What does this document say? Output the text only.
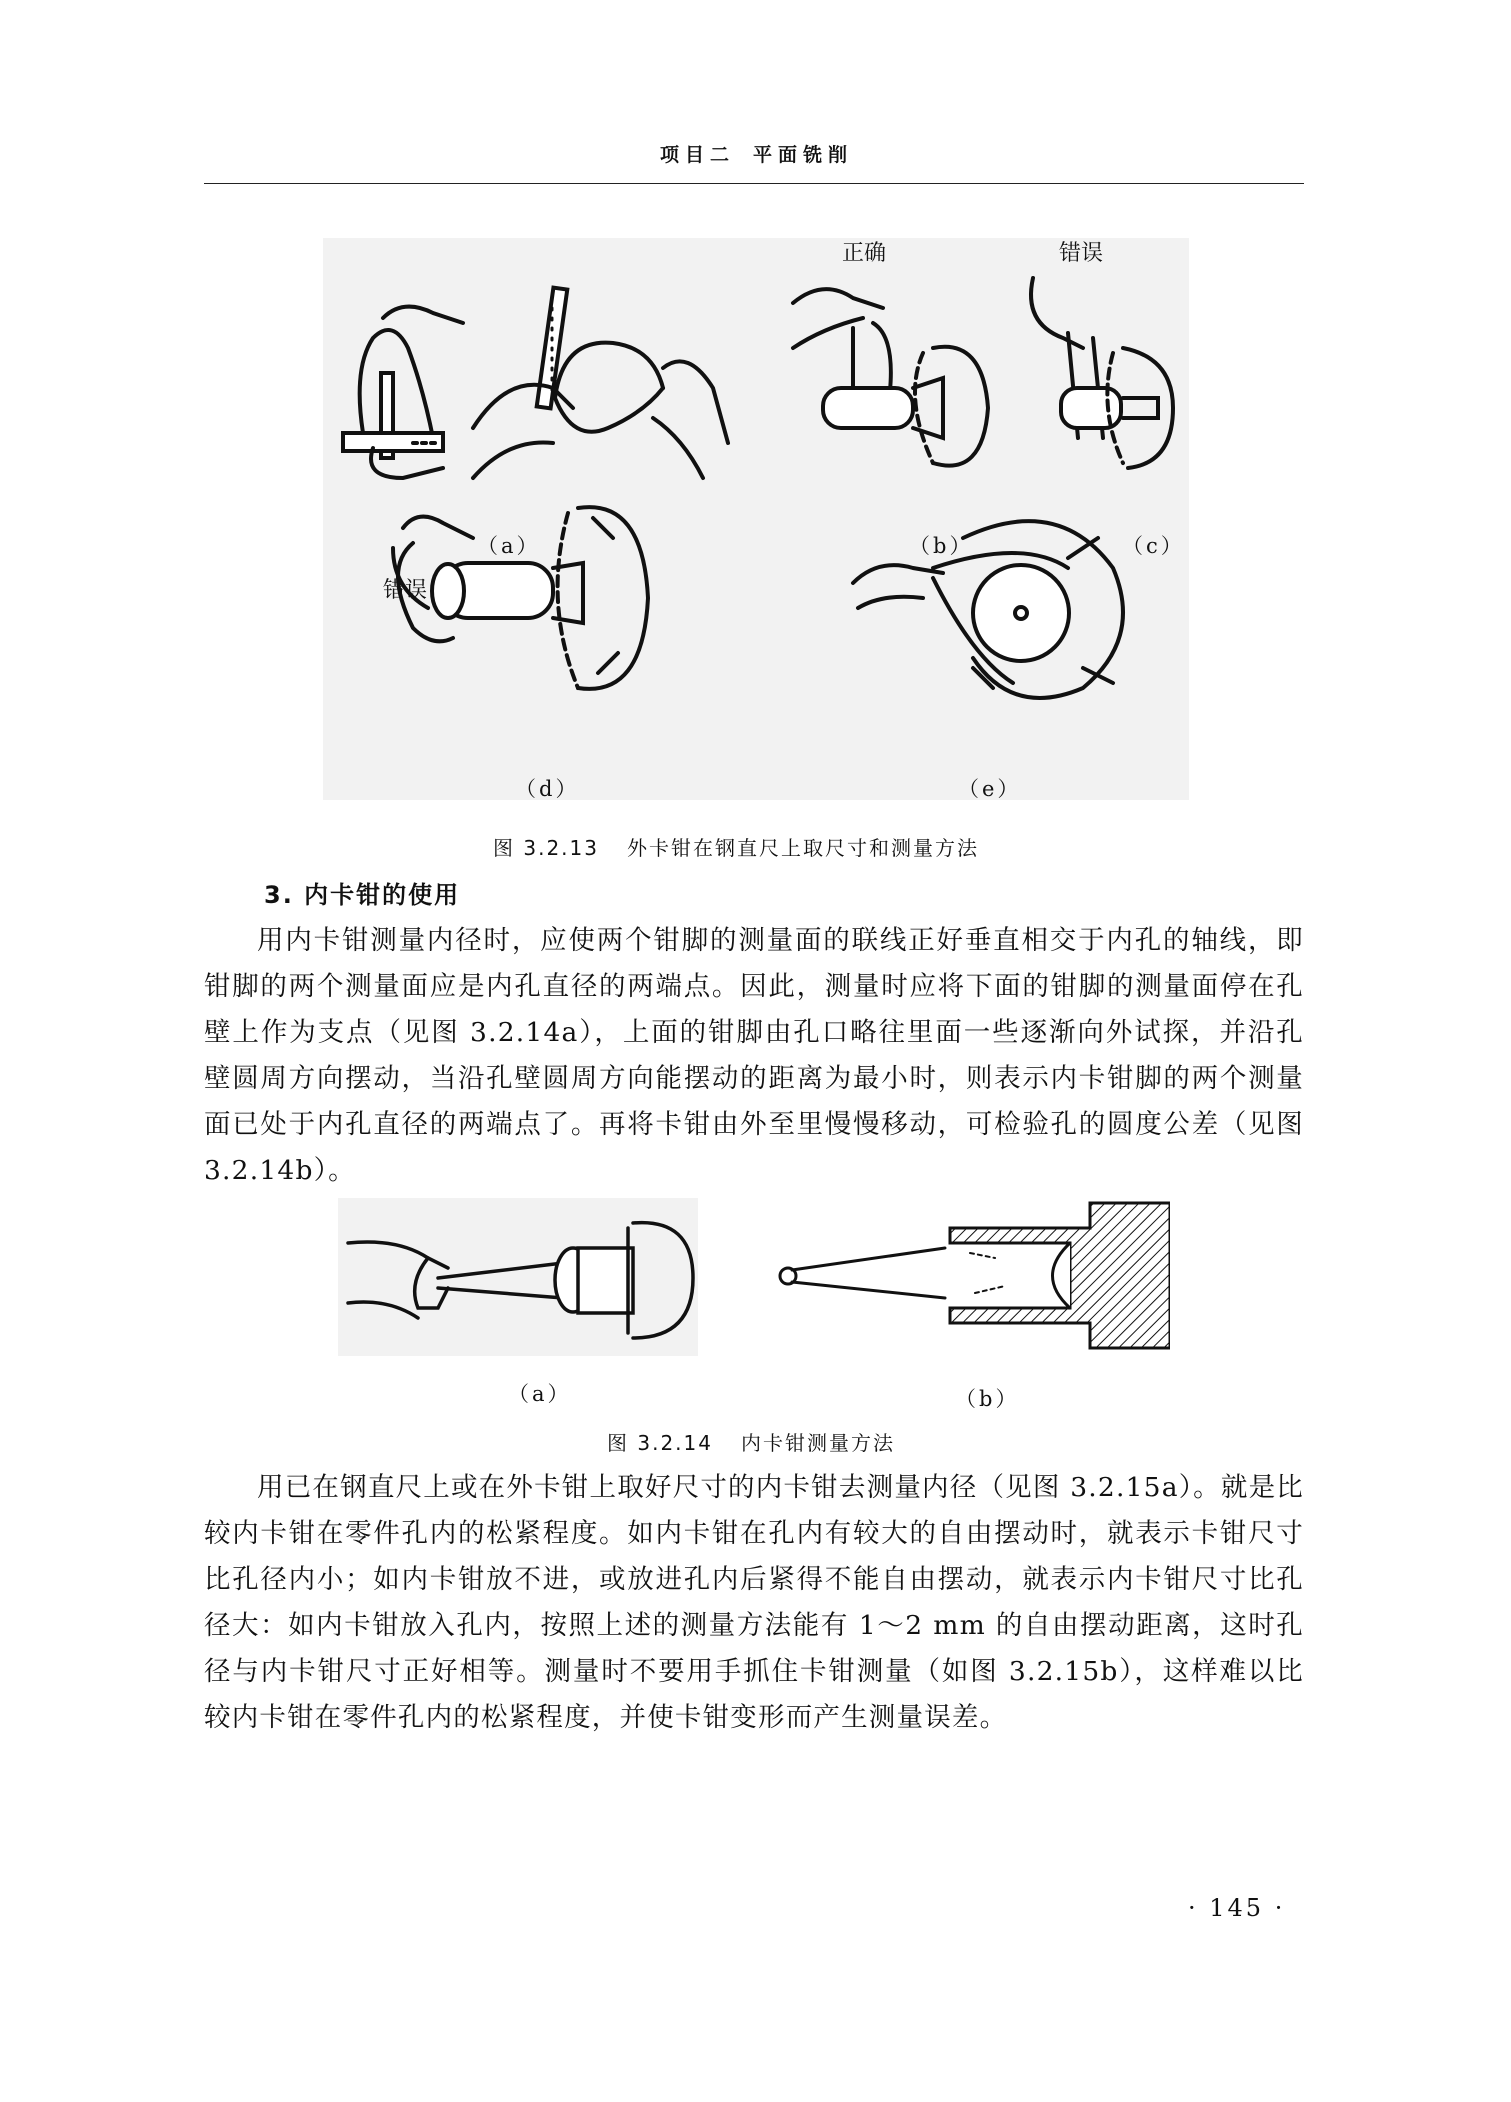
项目二 平面铣削
正确	错误
错误
（a）	（b）	（c）
（d）	（e）
图 3.2.13 外卡钳在钢直尺上取尺寸和测量方法
3. 内卡钳的使用

用内卡钳测量内径时，应使两个钳脚的测量面的联线正好垂直相交于内孔的轴线，即钳脚的两个测量面应是内孔直径的两端点。因此，测量时应将下面的钳脚的测量面停在孔壁上作为支点（见图 3.2.14a），上面的钳脚由孔口略往里面一些逐渐向外试探，并沿孔壁圆周方向摆动，当沿孔壁圆周方向能摆动的距离为最小时，则表示内卡钳脚的两个测量面已处于内孔直径的两端点了。再将卡钳由外至里慢慢移动，可检验孔的圆度公差（见图 3.2.14b）。

（a）	（b）
图 3.2.14 内卡钳测量方法

用已在钢直尺上或在外卡钳上取好尺寸的内卡钳去测量内径（见图 3.2.15a）。就是比较内卡钳在零件孔内的松紧程度。如内卡钳在孔内有较大的自由摆动时，就表示卡钳尺寸比孔径内小；如内卡钳放不进，或放进孔内后紧得不能自由摆动，就表示内卡钳尺寸比孔径大：如内卡钳放入孔内，按照上述的测量方法能有 1～2 mm 的自由摆动距离，这时孔径与内卡钳尺寸正好相等。测量时不要用手抓住卡钳测量（如图 3.2.15b），这样难以比较内卡钳在零件孔内的松紧程度，并使卡钳变形而产生测量误差。

· 145 ·
